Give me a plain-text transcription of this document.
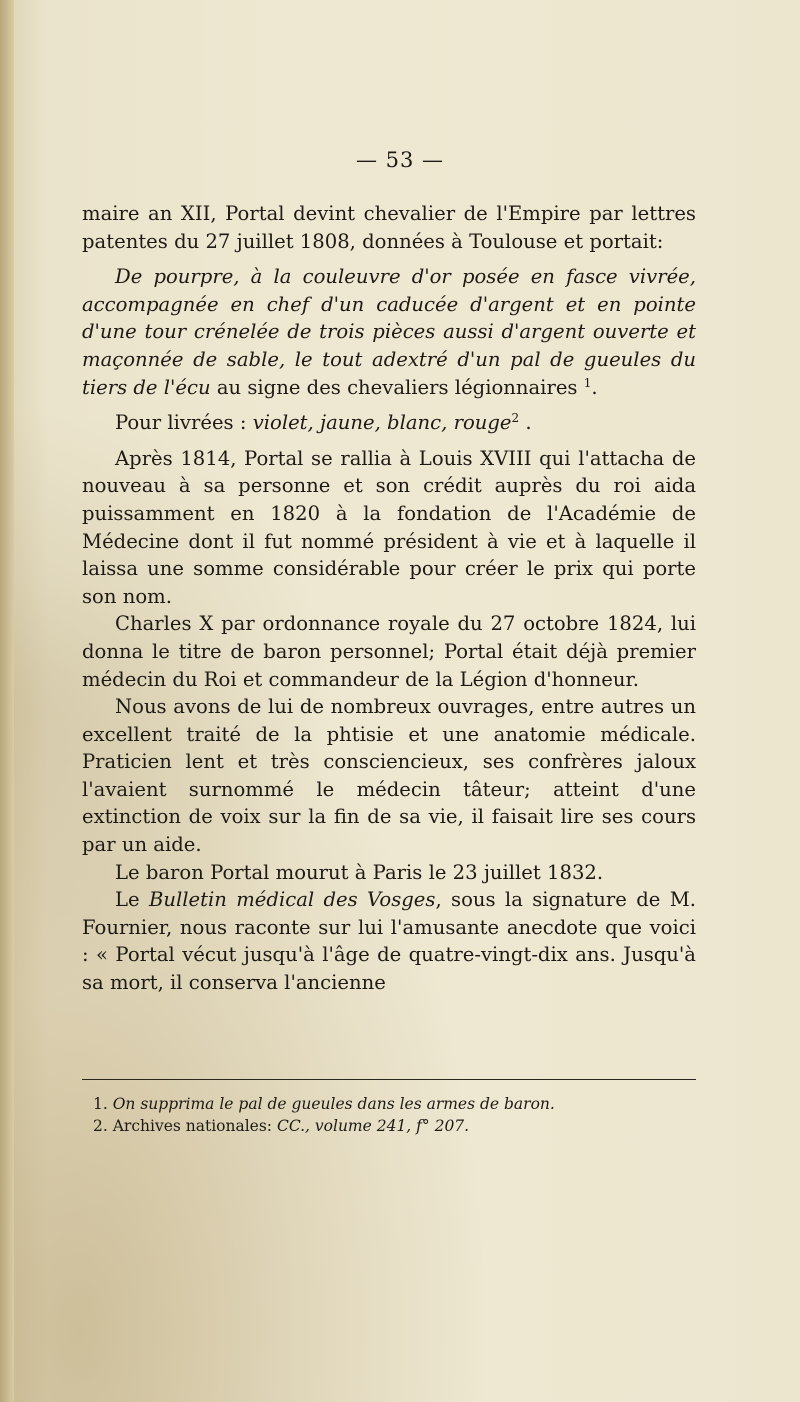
— 53 —

maire an XII, Portal devint chevalier de l'Empire par lettres patentes du 27 juillet 1808, données à Toulouse et portait:

De pourpre, à la couleuvre d'or posée en fasce vivrée, accompagnée en chef d'un caducée d'argent et en pointe d'une tour crénelée de trois pièces aussi d'argent ouverte et maçonnée de sable, le tout adextré d'un pal de gueules du tiers de l'écu au signe des chevaliers légionnaires $^1$.

Pour livrées : violet, jaune, blanc, rouge$^2$ .

Après 1814, Portal se rallia à Louis XVIII qui l'attacha de nouveau à sa personne et son crédit auprès du roi aida puissamment en 1820 à la fondation de l'Académie de Médecine dont il fut nommé président à vie et à laquelle il laissa une somme considérable pour créer le prix qui porte son nom.

Charles X par ordonnance royale du 27 octobre 1824, lui donna le titre de baron personnel; Portal était déjà premier médecin du Roi et commandeur de la Légion d'honneur.

Nous avons de lui de nombreux ouvrages, entre autres un excellent traité de la phtisie et une anatomie médicale. Praticien lent et très consciencieux, ses confrères jaloux l'avaient surnommé le médecin tâteur; atteint d'une extinction de voix sur la fin de sa vie, il faisait lire ses cours par un aide.

Le baron Portal mourut à Paris le 23 juillet 1832.

Le Bulletin médical des Vosges, sous la signature de M. Fournier, nous raconte sur lui l'amusante anecdote que voici : « Portal vécut jusqu'à l'âge de quatre-vingt-dix ans. Jusqu'à sa mort, il conserva l'ancienne

1. On supprima le pal de gueules dans les armes de baron.

2. Archives nationales: CC., volume 241, f° 207.
